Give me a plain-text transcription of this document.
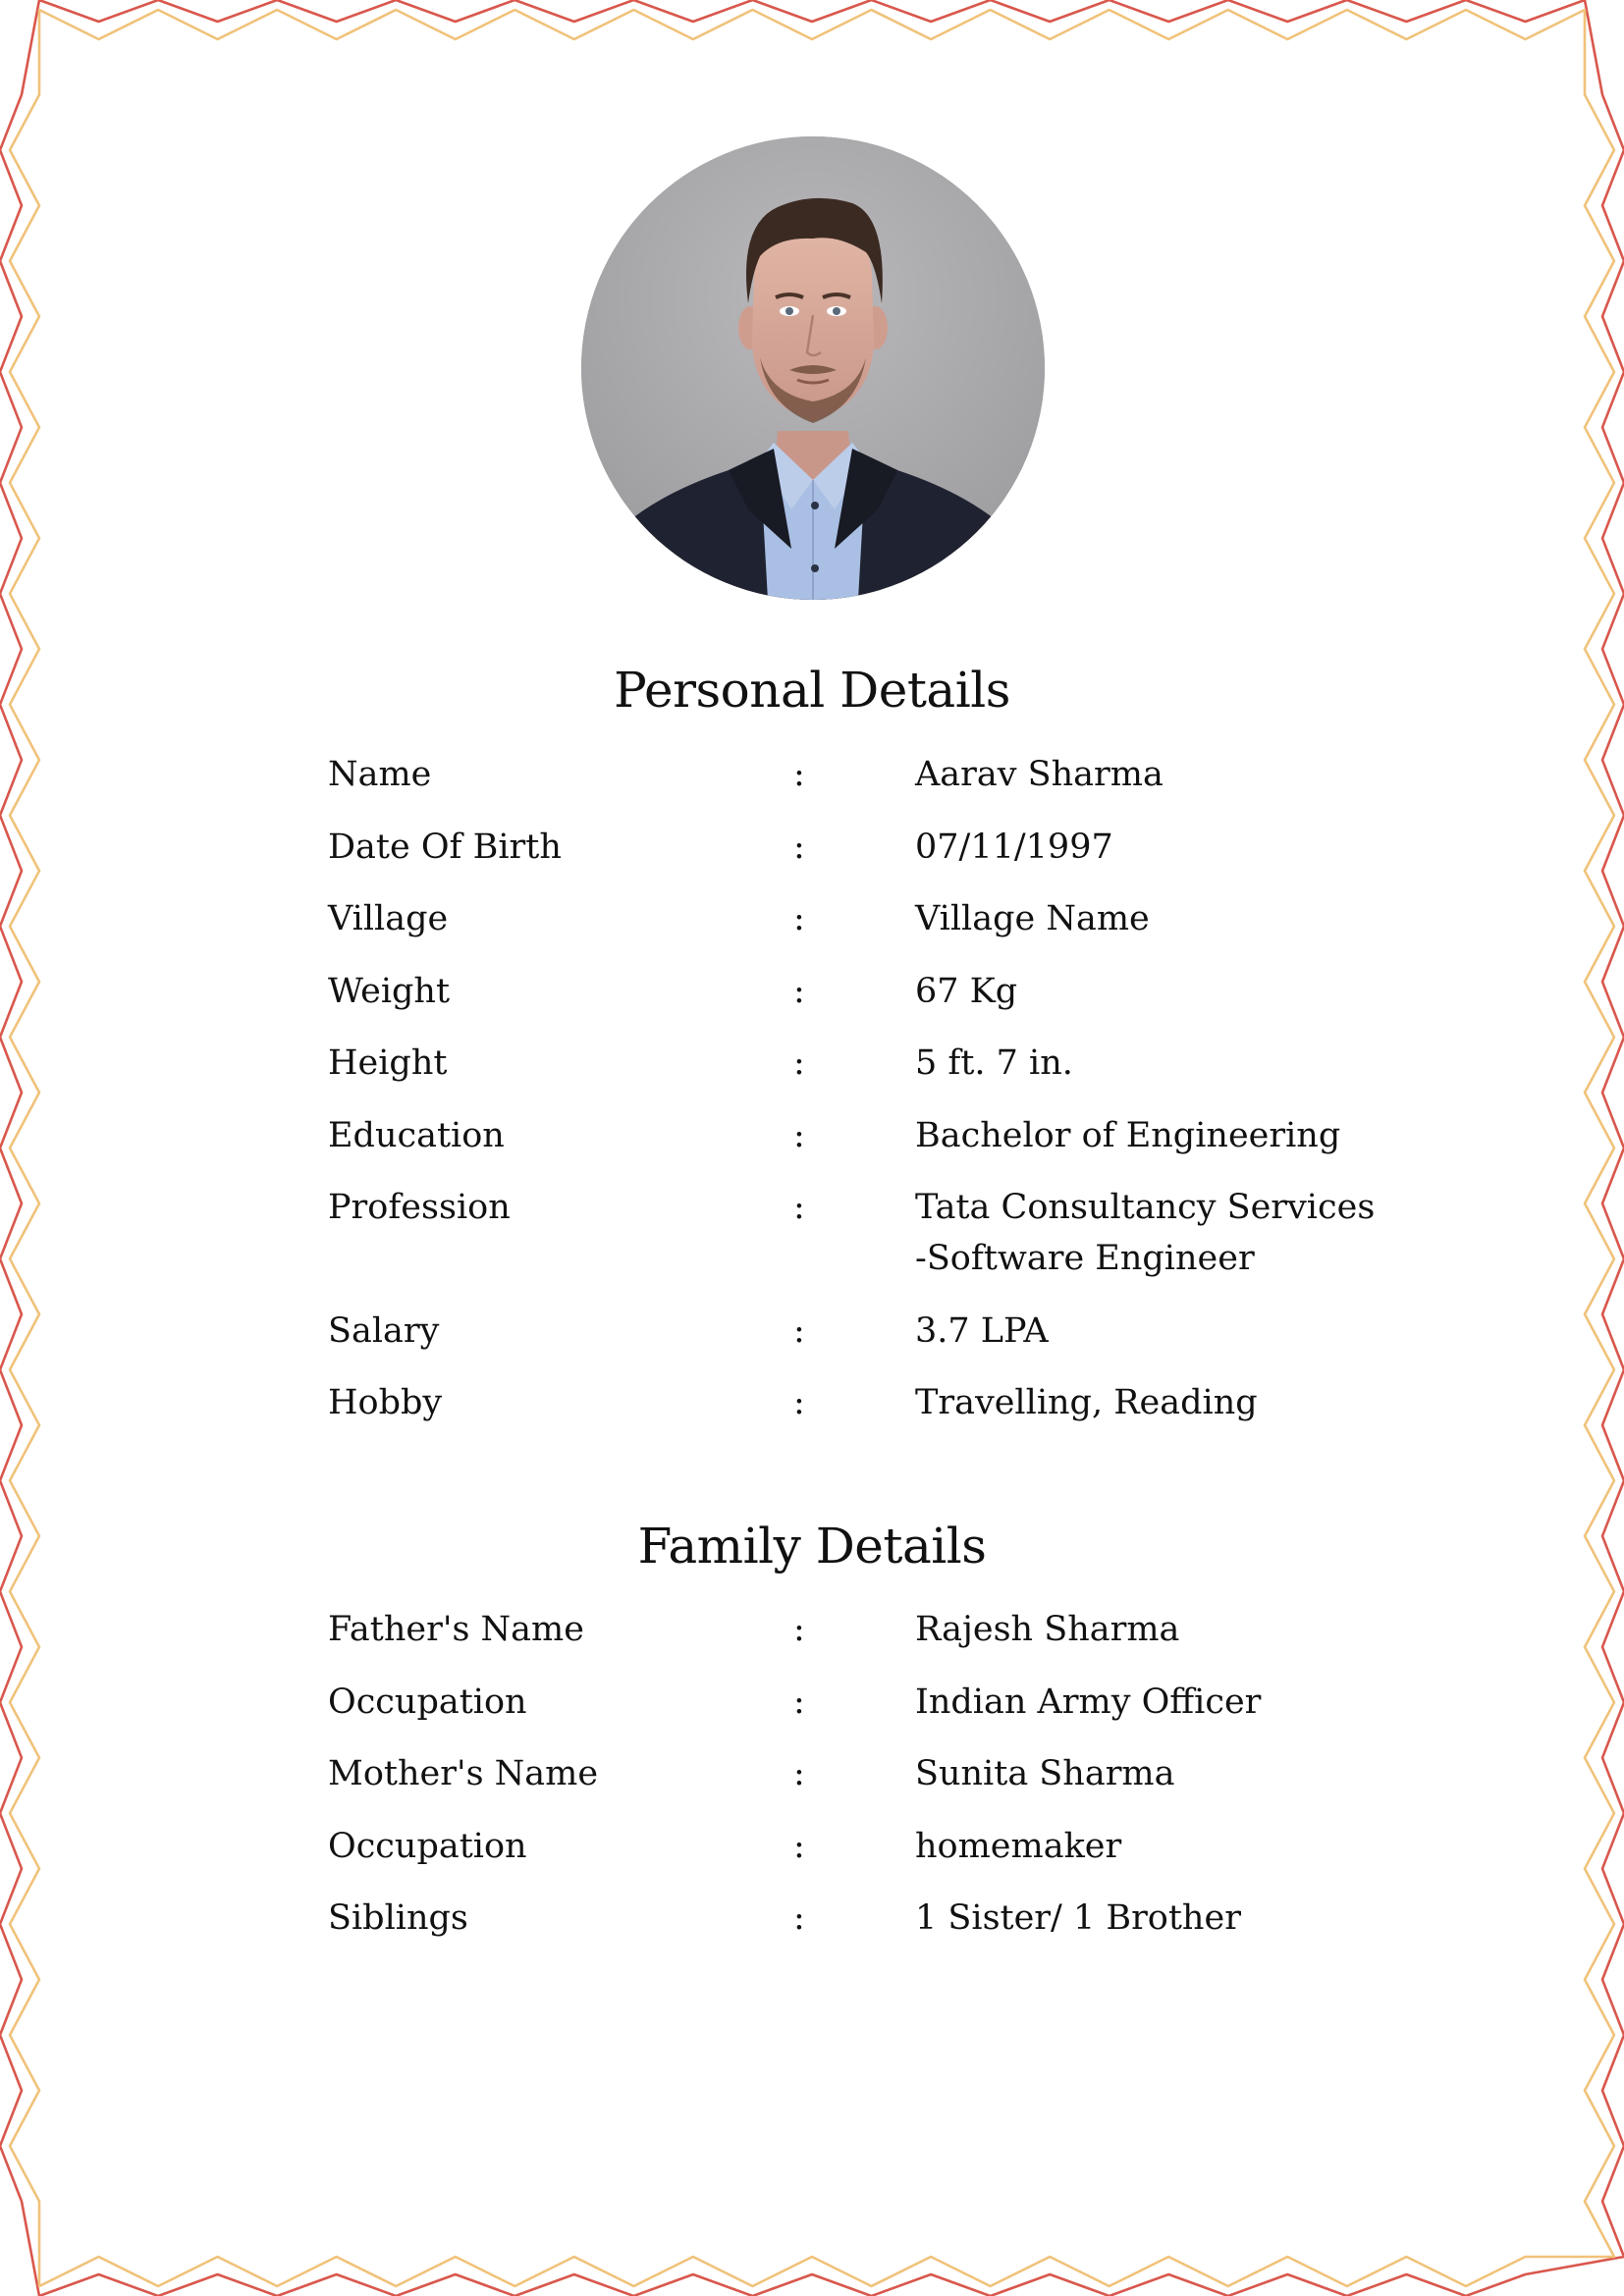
Personal Details
Name	:	Aarav Sharma
Date Of Birth	:	07/11/1997
Village	:	Village Name
Weight	:	67 Kg
Height	:	5 ft. 7 in.
Education	:	Bachelor of Engineering
Profession	:	Tata Consultancy Services
-Software Engineer
Salary	:	3.7 LPA
Hobby	:	Travelling, Reading
Family Details
Father's Name	:	Rajesh Sharma
Occupation	:	Indian Army Officer
Mother's Name	:	Sunita Sharma
Occupation	:	homemaker
Siblings	:	1 Sister/ 1 Brother
